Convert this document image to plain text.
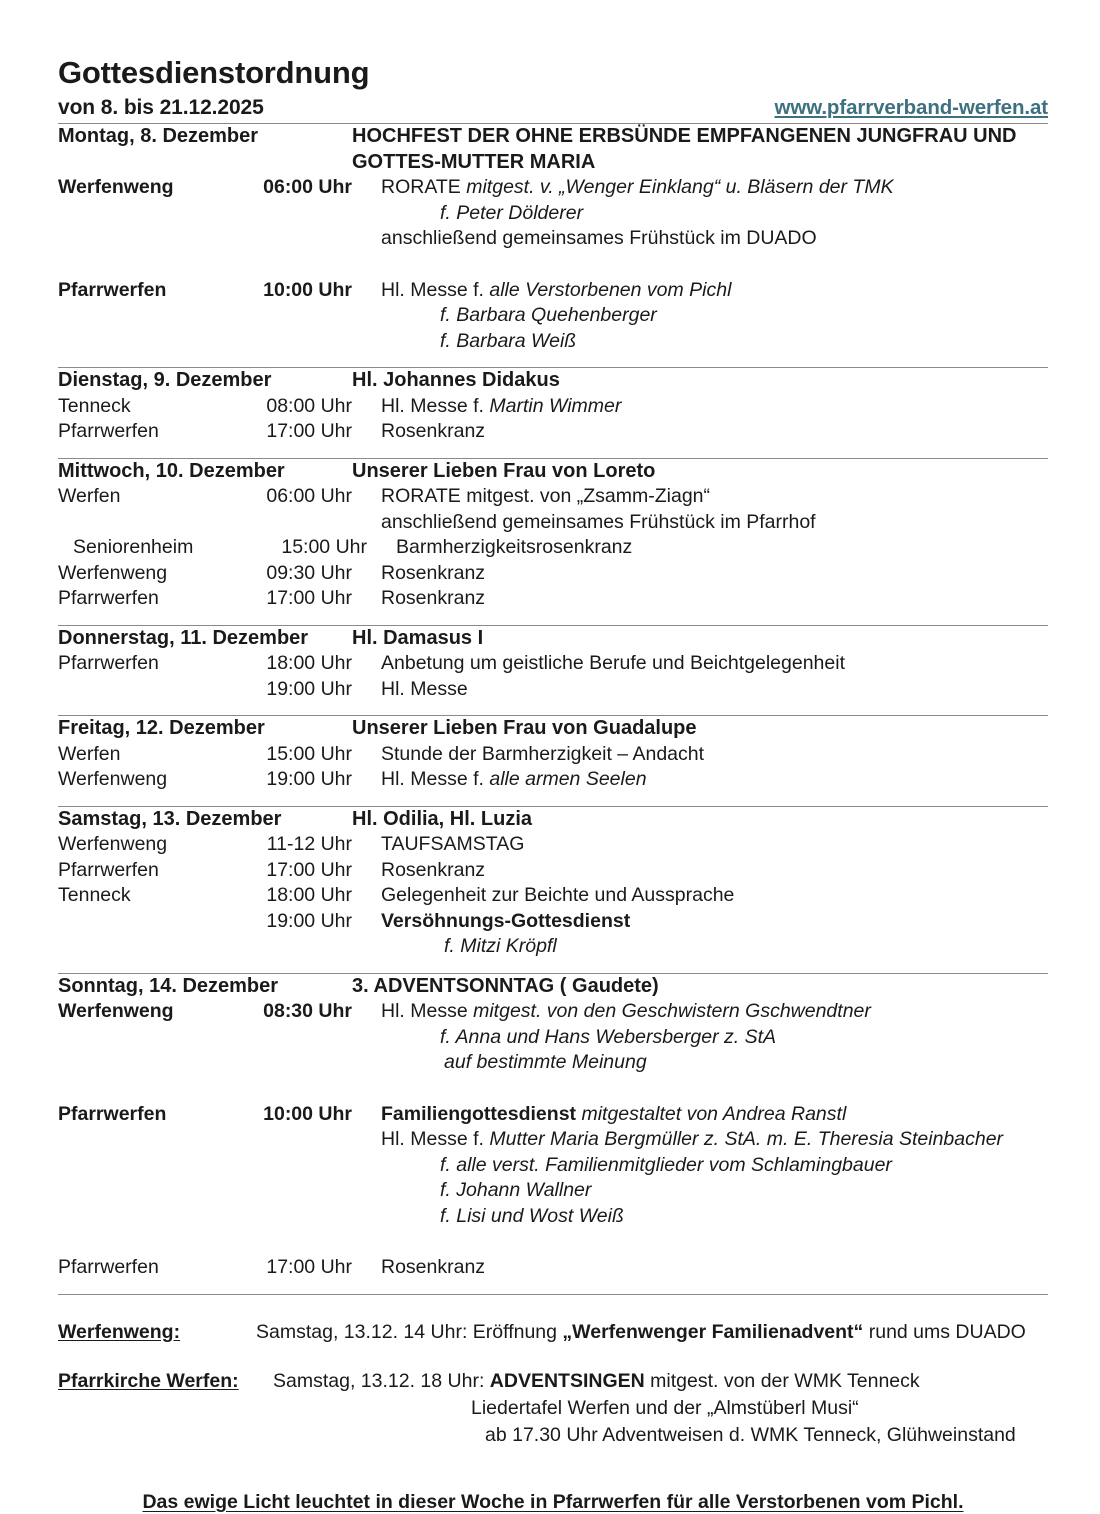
Gottesdienstordnung
von 8. bis 21.12.2025	www.pfarrverband-werfen.at
Montag, 8. Dezember	HOCHFEST DER OHNE ERBSÜNDE EMPFANGENEN JUNGFRAU UND
GOTTES-MUTTER MARIA
Werfenweng	06:00 Uhr	RORATE mitgest. v. „Wenger Einklang“ u. Bläsern der TMK
f. Peter Dölderer
anschließend gemeinsames Frühstück im DUADO
Pfarrwerfen	10:00 Uhr	Hl. Messe f. alle Verstorbenen vom Pichl
f. Barbara Quehenberger
f. Barbara Weiß
Dienstag, 9. Dezember	Hl. Johannes Didakus
Tenneck	08:00 Uhr	Hl. Messe f. Martin Wimmer
Pfarrwerfen	17:00 Uhr	Rosenkranz
Mittwoch, 10. Dezember	Unserer Lieben Frau von Loreto
Werfen	06:00 Uhr	RORATE mitgest. von „Zsamm-Ziagn“
anschließend gemeinsames Frühstück im Pfarrhof
Seniorenheim	15:00 Uhr	Barmherzigkeitsrosenkranz
Werfenweng	09:30 Uhr	Rosenkranz
Pfarrwerfen	17:00 Uhr	Rosenkranz
Donnerstag, 11. Dezember	Hl. Damasus I
Pfarrwerfen	18:00 Uhr	Anbetung um geistliche Berufe und Beichtgelegenheit
19:00 Uhr	Hl. Messe
Freitag, 12. Dezember	Unserer Lieben Frau von Guadalupe
Werfen	15:00 Uhr	Stunde der Barmherzigkeit – Andacht
Werfenweng	19:00 Uhr	Hl. Messe f. alle armen Seelen
Samstag, 13. Dezember	Hl. Odilia, Hl. Luzia
Werfenweng	11-12 Uhr	TAUFSAMSTAG
Pfarrwerfen	17:00 Uhr	Rosenkranz
Tenneck	18:00 Uhr	Gelegenheit zur Beichte und Aussprache
19:00 Uhr	Versöhnungs-Gottesdienst
f. Mitzi Kröpfl
Sonntag, 14. Dezember	3. ADVENTSONNTAG ( Gaudete)
Werfenweng	08:30 Uhr	Hl. Messe mitgest. von den Geschwistern Gschwendtner
f. Anna und Hans Webersberger z. StA
auf bestimmte Meinung
Pfarrwerfen	10:00 Uhr	Familiengottesdienst mitgestaltet von Andrea Ranstl
Hl. Messe f. Mutter Maria Bergmüller z. StA. m. E. Theresia Steinbacher
f. alle verst. Familienmitglieder vom Schlamingbauer
f. Johann Wallner
f. Lisi und Wost Weiß
Pfarrwerfen	17:00 Uhr	Rosenkranz
Werfenweng:	Samstag, 13.12. 14 Uhr: Eröffnung „Werfenwenger Familienadvent“ rund ums DUADO
Pfarrkirche Werfen:	Samstag, 13.12. 18 Uhr: ADVENTSINGEN mitgest. von der WMK Tenneck
Liedertafel Werfen und der „Almstüberl Musi“
ab 17.30 Uhr Adventweisen d. WMK Tenneck, Glühweinstand
Das ewige Licht leuchtet in dieser Woche in Pfarrwerfen für alle Verstorbenen vom Pichl.
